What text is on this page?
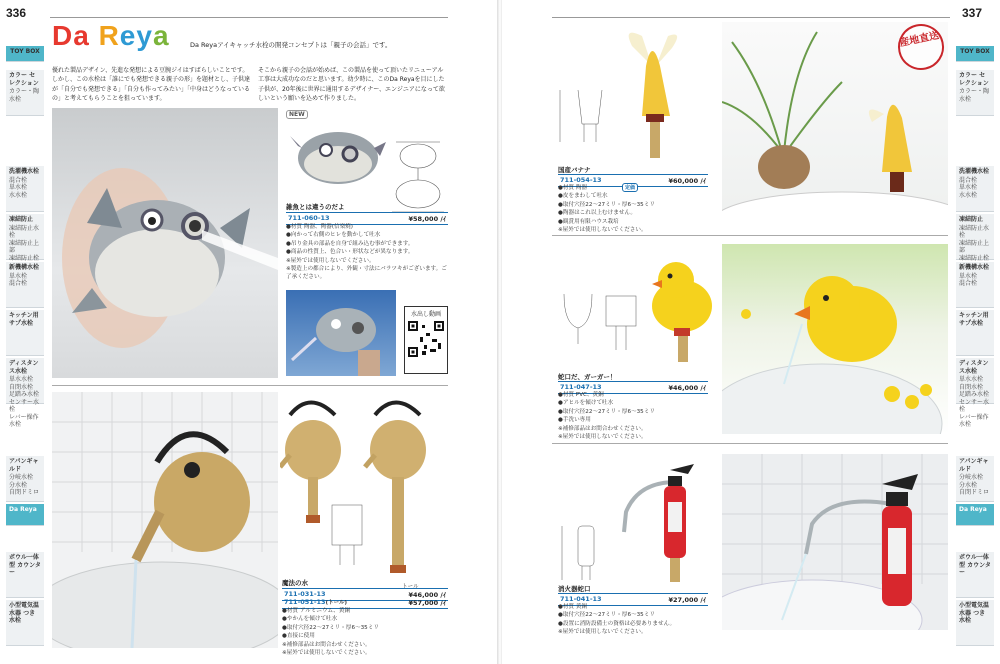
336
Da Reya	Da Reyaアイキャッチ水栓の開発コンセプトは「親子の会話」です。
優れた製品デザイン、先進な発想による豆腕ジイはすばらしいことです。しかし、この水栓は「誰にでも発想できる親子の形」を題材とし、子供達が「自分でも発想できる」「自分も作ってみたい」「中身はどうなっているの」と考えてもらうことを狙っています。
そこから親子の会話が始めば、この製品を使って頂いたリニューアル工事は大成功なのだと思います。幼少時に、このDa Reyaを目にした子供が、20年後に世界に通用するデザイナー、エンジニアになって欲しいという願いを込めて作りました。
NEW
雑魚とは違うのだよ
711-060-13	¥58,000 /ｲ
●材質 陶器、陶器(信楽焼)
●向かって右側のヒレを動かして吐水
●吊り金具の部品を自身で組み込む事ができます。
●商品の性質上、色合い・形状などが異なります。
※屋外では使用しないでください。
※製造上の都合により、外観・寸法にバラツキがございます。ご了承ください。
水出し動画
トール
魔法の水
711-031-13	¥46,000 /ｲ
711-051-13(トール)	¥57,000 /ｲ
●材質 アルミニウム、黄銅
●やかんを傾けて吐水
●取付穴径22〜27ミリ・厚6〜35ミリ
●直接に使用
※補修部品はお問合わせください。
※屋外では使用しないでください。
TOY BOX
カラー セレクション
カラー・陶水栓
洗濯機水栓
混合栓
単水栓
水水栓
凍結防止
凍結防止水栓
凍結防止上部
凍結防止栓
新機構水栓
単水栓
混合栓
キッチン用 サプ水栓
ディスタンス水栓
単水水栓
自閉水栓
足踏み水栓
センサー水栓
レバー操作水栓
アパンギャルド
分岐水栓
分水栓
自閉ドミロ
Da Reya
ボウル一体型 カウンター
小型電気温水器 つき水栓
337
産地直送
国産バナナ
711-054-13	¥60,000 /ｲ
定価
●材質 陶器
●皮をまわして吐水
●取付穴径22〜27ミリ・厚6〜35ミリ
●陶器はこれ以上むけません。
●観賞用有限ハウス栽培
※屋外では使用しないでください。
蛇口だ、ガーガー！
711-047-13	¥46,000 /ｲ
●材質 PVC、黄銅
●アヒルを傾けて吐水
●取付穴径22〜27ミリ・厚6〜35ミリ
●手洗い専用
※補修部品はお問合わせください。
※屋外では使用しないでください。
消火器蛇口
711-041-13	¥27,000 /ｲ
●材質 黄銅
●取付穴径22〜27ミリ・厚6〜35ミリ
●設置に消防設備士の資格は必要ありません。
※屋外では使用しないでください。
TOY BOX
カラー セレクション
カラー・陶水栓
洗濯機水栓
混合栓
単水栓
水水栓
凍結防止
凍結防止水栓
凍結防止上部
凍結防止栓
新機構水栓
単水栓
混合栓
キッチン用 サプ水栓
ディスタンス水栓
単水水栓
自閉水栓
足踏み水栓
センサー水栓
レバー操作水栓
アパンギャルド
分岐水栓
分水栓
自閉ドミロ
Da Reya
ボウル一体型 カウンター
小型電気温水器 つき水栓
